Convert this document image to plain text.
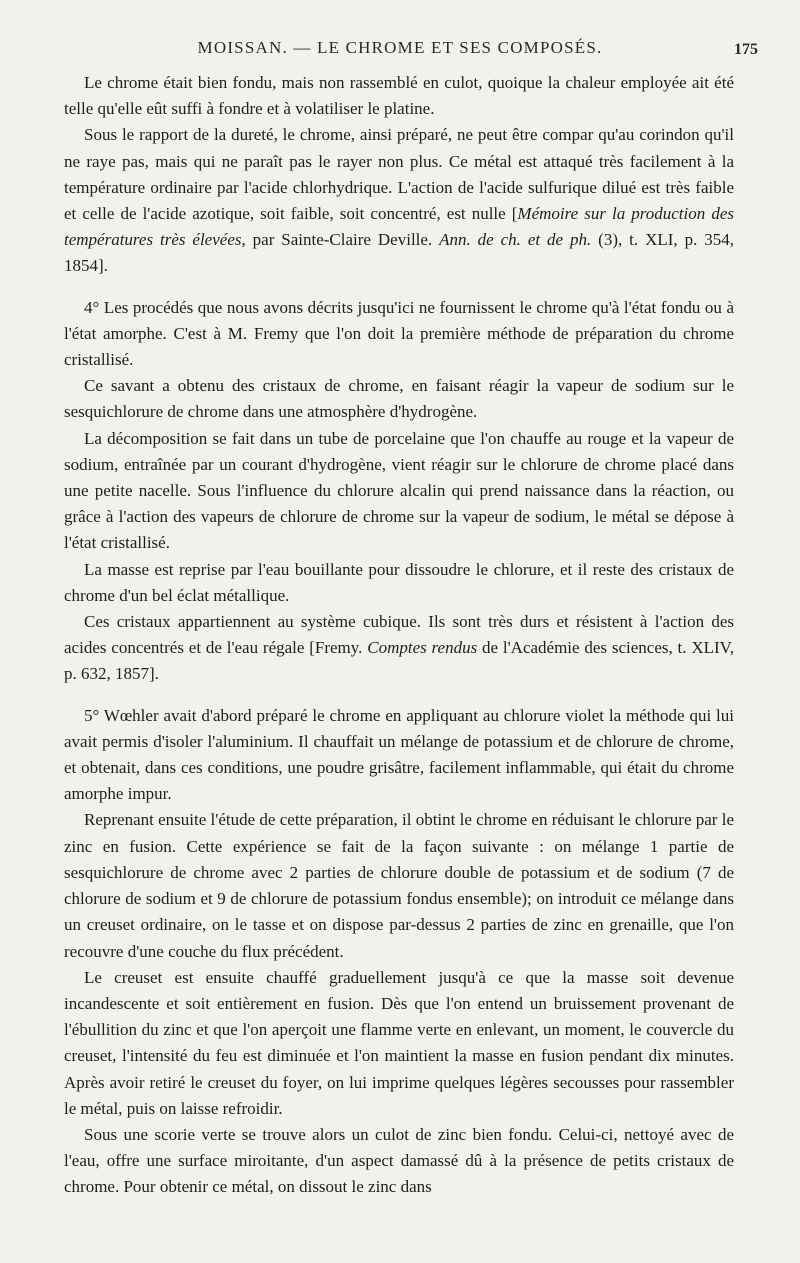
MOISSAN. — LE CHROME ET SES COMPOSÉS.	175

Le chrome était bien fondu, mais non rassemblé en culot, quoique la chaleur employée ait été telle qu'elle eût suffi à fondre et à volatiliser le platine.

Sous le rapport de la dureté, le chrome, ainsi préparé, ne peut être compar qu'au corindon qu'il ne raye pas, mais qui ne paraît pas le rayer non plus. Ce métal est attaqué très facilement à la température ordinaire par l'acide chlorhydrique. L'action de l'acide sulfurique dilué est très faible et celle de l'acide azotique, soit faible, soit concentré, est nulle [Mémoire sur la production des températures très élevées, par Sainte-Claire Deville. Ann. de ch. et de ph. (3), t. XLI, p. 354, 1854].

4° Les procédés que nous avons décrits jusqu'ici ne fournissent le chrome qu'à l'état fondu ou à l'état amorphe. C'est à M. Fremy que l'on doit la première méthode de préparation du chrome cristallisé.

Ce savant a obtenu des cristaux de chrome, en faisant réagir la vapeur de sodium sur le sesquichlorure de chrome dans une atmosphère d'hydrogène.

La décomposition se fait dans un tube de porcelaine que l'on chauffe au rouge et la vapeur de sodium, entraînée par un courant d'hydrogène, vient réagir sur le chlorure de chrome placé dans une petite nacelle. Sous l'influence du chlorure alcalin qui prend naissance dans la réaction, ou grâce à l'action des vapeurs de chlorure de chrome sur la vapeur de sodium, le métal se dépose à l'état cristallisé.

La masse est reprise par l'eau bouillante pour dissoudre le chlorure, et il reste des cristaux de chrome d'un bel éclat métallique.

Ces cristaux appartiennent au système cubique. Ils sont très durs et résistent à l'action des acides concentrés et de l'eau régale [Fremy. Comptes rendus de l'Académie des sciences, t. XLIV, p. 632, 1857].

5° Wœhler avait d'abord préparé le chrome en appliquant au chlorure violet la méthode qui lui avait permis d'isoler l'aluminium. Il chauffait un mélange de potassium et de chlorure de chrome, et obtenait, dans ces conditions, une poudre grisâtre, facilement inflammable, qui était du chrome amorphe impur.

Reprenant ensuite l'étude de cette préparation, il obtint le chrome en réduisant le chlorure par le zinc en fusion. Cette expérience se fait de la façon suivante : on mélange 1 partie de sesquichlorure de chrome avec 2 parties de chlorure double de potassium et de sodium (7 de chlorure de sodium et 9 de chlorure de potassium fondus ensemble); on introduit ce mélange dans un creuset ordinaire, on le tasse et on dispose par-dessus 2 parties de zinc en grenaille, que l'on recouvre d'une couche du flux précédent.

Le creuset est ensuite chauffé graduellement jusqu'à ce que la masse soit devenue incandescente et soit entièrement en fusion. Dès que l'on entend un bruissement provenant de l'ébullition du zinc et que l'on aperçoit une flamme verte en enlevant, un moment, le couvercle du creuset, l'intensité du feu est diminuée et l'on maintient la masse en fusion pendant dix minutes. Après avoir retiré le creuset du foyer, on lui imprime quelques légères secousses pour rassembler le métal, puis on laisse refroidir.

Sous une scorie verte se trouve alors un culot de zinc bien fondu. Celui-ci, nettoyé avec de l'eau, offre une surface miroitante, d'un aspect damassé dû à la présence de petits cristaux de chrome. Pour obtenir ce métal, on dissout le zinc dans
